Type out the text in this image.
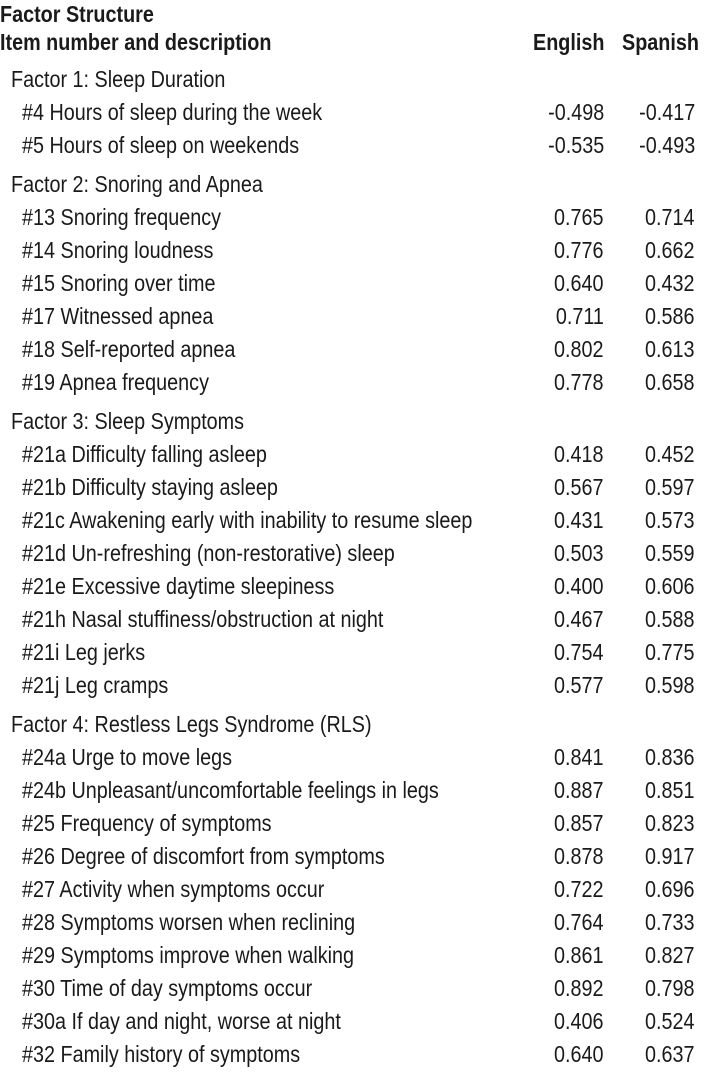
Factor Structure
Item number and description	English Spanish
Factor 1: Sleep Duration
#4 Hours of sleep during the week	-0.498 -0.417
#5 Hours of sleep on weekends	-0.535 -0.493
Factor 2: Snoring and Apnea
#13 Snoring frequency	0.765 0.714
#14 Snoring loudness	0.776 0.662
#15 Snoring over time	0.640 0.432
#17 Witnessed apnea	0.711 0.586
#18 Self-reported apnea	0.802 0.613
#19 Apnea frequency	0.778 0.658
Factor 3: Sleep Symptoms
#21a Difficulty falling asleep	0.418 0.452
#21b Difficulty staying asleep	0.567 0.597
#21c Awakening early with inability to resume sleep	0.431 0.573
#21d Un-refreshing (non-restorative) sleep	0.503 0.559
#21e Excessive daytime sleepiness	0.400 0.606
#21h Nasal stuffiness/obstruction at night	0.467 0.588
#21i Leg jerks	0.754 0.775
#21j Leg cramps	0.577 0.598
Factor 4: Restless Legs Syndrome (RLS)
#24a Urge to move legs	0.841 0.836
#24b Unpleasant/uncomfortable feelings in legs	0.887 0.851
#25 Frequency of symptoms	0.857 0.823
#26 Degree of discomfort from symptoms	0.878 0.917
#27 Activity when symptoms occur	0.722 0.696
#28 Symptoms worsen when reclining	0.764 0.733
#29 Symptoms improve when walking	0.861 0.827
#30 Time of day symptoms occur	0.892 0.798
#30a If day and night, worse at night	0.406 0.524
#32 Family history of symptoms	0.640 0.637
